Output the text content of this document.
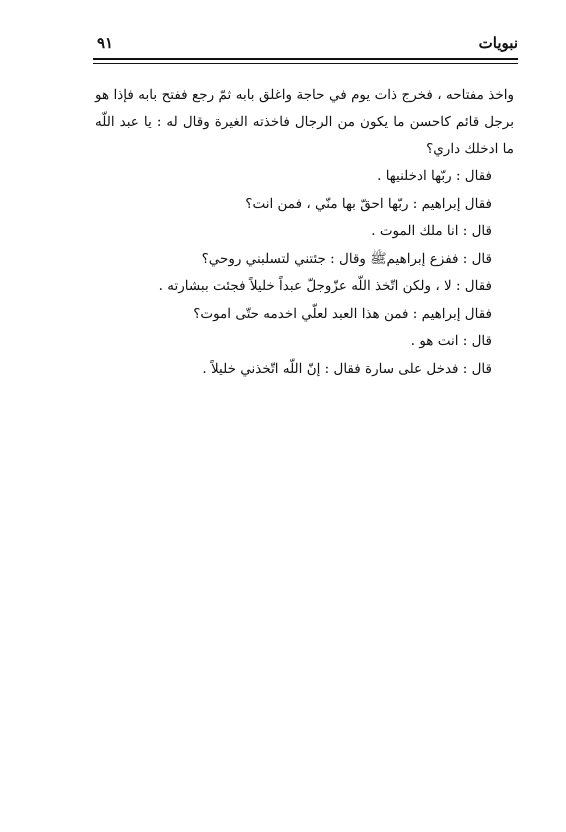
نبويات
٩١

واخذ مفتاحه ، فخرج ذات يوم في حاجة واغلق بابه ثمّ رجع ففتح بابه فإذا هو برجل قائم كاحسن ما يكون من الرجال فاخذته الغيرة وقال له : يا عبد اللّه ما ادخلك داري؟

فقال : ربّها ادخلنيها .

فقال إبراهيم : ربّها احقّ بها منّي ، فمن انت؟

قال : انا ملك الموت .

قال : ففزع إبراهيمﷺ وقال : جئتني لتسلبني روحي؟

فقال : لا ، ولكن اتّخذ اللّه عزّوجلّ عبداً خليلاً فجئت ببشارته .

فقال إبراهيم : فمن هذا العبد لعلّي اخدمه حتّى اموت؟

قال : انت هو .

قال : فدخل على سارة فقال : إنّ اللّه اتّخذني خليلاً .
